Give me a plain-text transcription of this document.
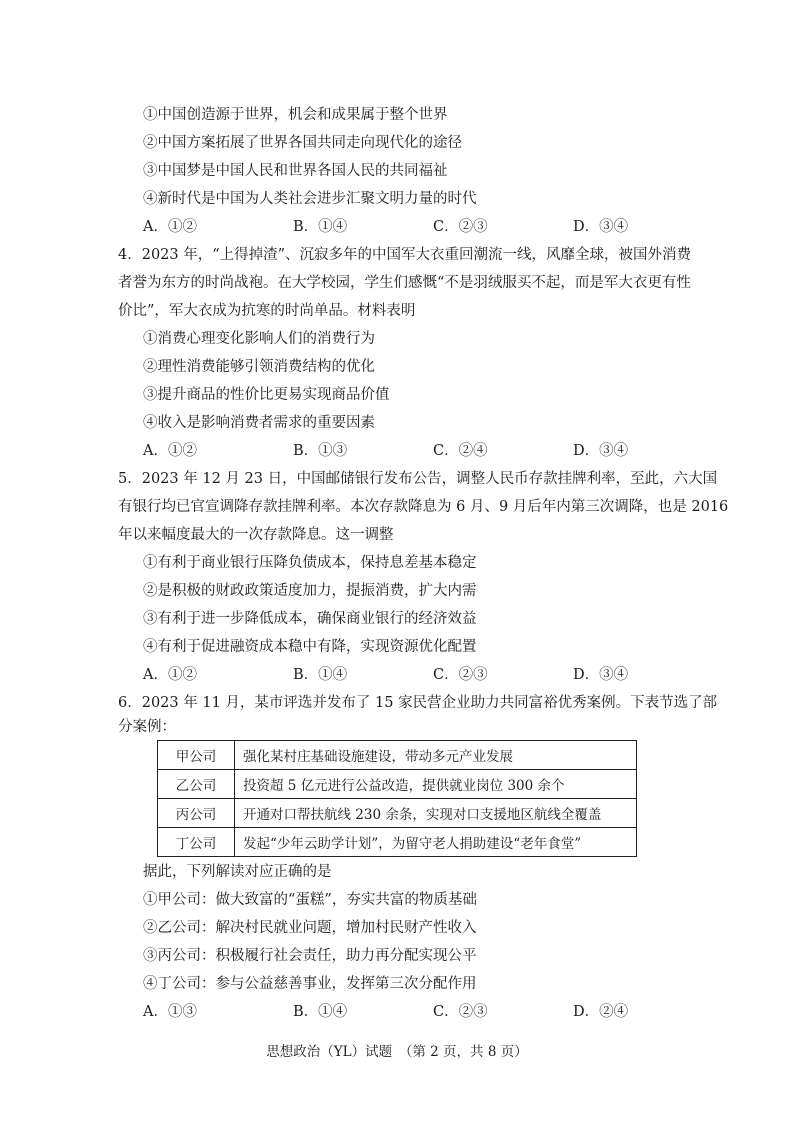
①中国创造源于世界，机会和成果属于整个世界
②中国方案拓展了世界各国共同走向现代化的途径
③中国梦是中国人民和世界各国人民的共同福祉
④新时代是中国为人类社会进步汇聚文明力量的时代
A．①②	B．①④	C．②③	D．③④
4．2023 年，“上得掉渣”、沉寂多年的中国军大衣重回潮流一线，风靡全球，被国外消费
者誉为东方的时尚战袍。在大学校园，学生们感慨“不是羽绒服买不起，而是军大衣更有性
价比”，军大衣成为抗寒的时尚单品。材料表明
①消费心理变化影响人们的消费行为
②理性消费能够引领消费结构的优化
③提升商品的性价比更易实现商品价值
④收入是影响消费者需求的重要因素
A．①②	B．①③	C．②④	D．③④
5．2023 年 12 月 23 日，中国邮储银行发布公告，调整人民币存款挂牌利率，至此，六大国
有银行均已官宣调降存款挂牌利率。本次存款降息为 6 月、9 月后年内第三次调降，也是 2016
年以来幅度最大的一次存款降息。这一调整
①有利于商业银行压降负债成本，保持息差基本稳定
②是积极的财政政策适度加力，提振消费，扩大内需
③有利于进一步降低成本，确保商业银行的经济效益
④有利于促进融资成本稳中有降，实现资源优化配置
A．①②	B．①④	C．②③	D．③④
6．2023 年 11 月，某市评选并发布了 15 家民营企业助力共同富裕优秀案例。下表节选了部
分案例：
甲公司	强化某村庄基础设施建设，带动多元产业发展
乙公司	投资超 5 亿元进行公益改造，提供就业岗位 300 余个
丙公司	开通对口帮扶航线 230 余条，实现对口支援地区航线全覆盖
丁公司	发起“少年云助学计划”，为留守老人捐助建设“老年食堂”
据此，下列解读对应正确的是
①甲公司：做大致富的“蛋糕”，夯实共富的物质基础
②乙公司：解决村民就业问题，增加村民财产性收入
③丙公司：积极履行社会责任，助力再分配实现公平
④丁公司：参与公益慈善事业，发挥第三次分配作用
A．①③	B．①④	C．②③	D．②④
思想政治（YL）试题　（第 2 页，共 8 页）
